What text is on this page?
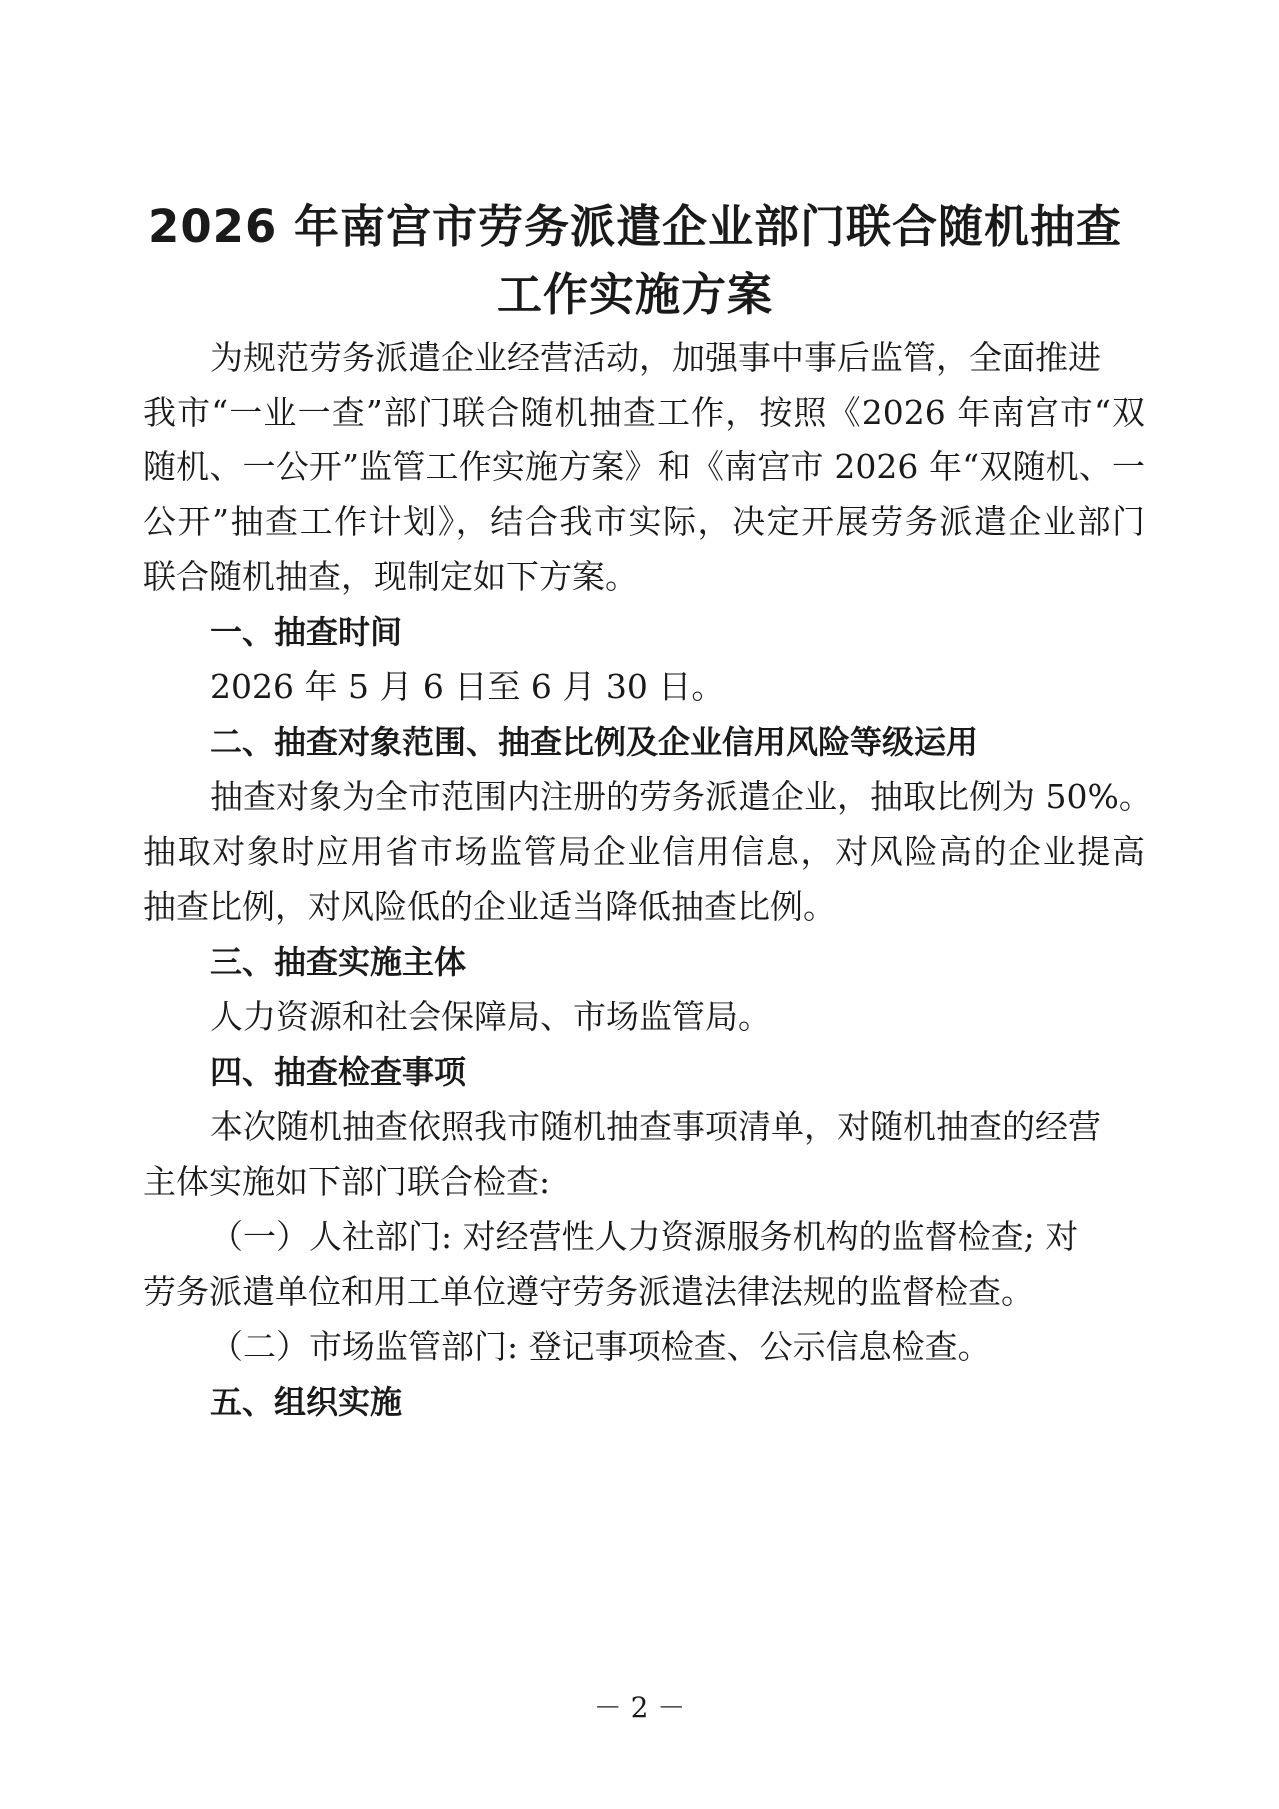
2026 年南宫市劳务派遣企业部门联合随机抽查
工作实施方案

为规范劳务派遣企业经营活动，加强事中事后监管，全面推进

我市“一业一查”部门联合随机抽查工作，按照《2026 年南宫市“双

随机、一公开”监管工作实施方案》和《南宫市 2026 年“双随机、一

公开”抽查工作计划》，结合我市实际，决定开展劳务派遣企业部门

联合随机抽查，现制定如下方案。

一、抽查时间

2026 年 5 月 6 日至 6 月 30 日。

二、抽查对象范围、抽查比例及企业信用风险等级运用

抽查对象为全市范围内注册的劳务派遣企业，抽取比例为 50%。

抽取对象时应用省市场监管局企业信用信息，对风险高的企业提高

抽查比例，对风险低的企业适当降低抽查比例。

三、抽查实施主体

人力资源和社会保障局、市场监管局。

四、抽查检查事项

本次随机抽查依照我市随机抽查事项清单，对随机抽查的经营

主体实施如下部门联合检查:

（一）人社部门: 对经营性人力资源服务机构的监督检查; 对

劳务派遣单位和用工单位遵守劳务派遣法律法规的监督检查。

（二）市场监管部门: 登记事项检查、公示信息检查。

五、组织实施

－ 2 －
